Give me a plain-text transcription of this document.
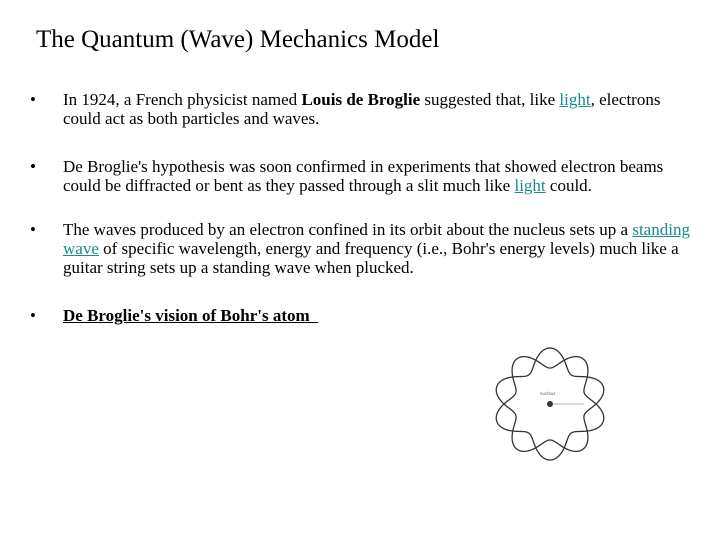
The Quantum (Wave) Mechanics Model
• In 1924, a French physicist named Louis de Broglie suggested that, like light, electrons could act as both particles and waves.
• De Broglie's hypothesis was soon confirmed in experiments that showed electron beams could be diffracted or bent as they passed through a slit much like light could.
• The waves produced by an electron confined in its orbit about the nucleus sets up a standing wave of specific wavelength, energy and frequency (i.e., Bohr's energy levels) much like a guitar string sets up a standing wave when plucked.
• De Broglie's vision of Bohr's atom
nucleus
